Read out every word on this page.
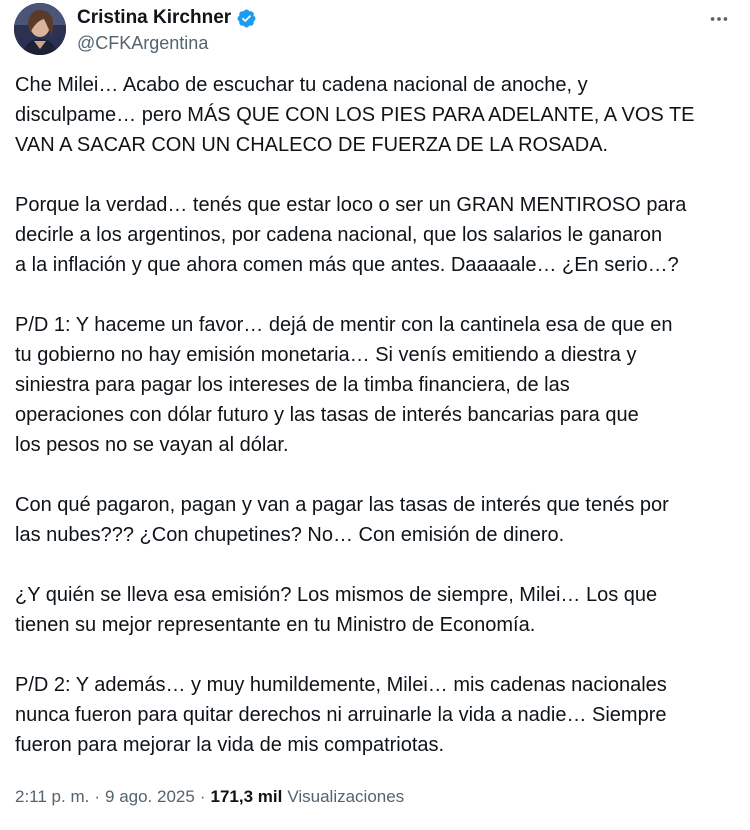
Cristina Kirchner
@CFKArgentina

Che Milei… Acabo de escuchar tu cadena nacional de anoche, y
disculpame… pero MÁS QUE CON LOS PIES PARA ADELANTE, A VOS TE
VAN A SACAR CON UN CHALECO DE FUERZA DE LA ROSADA.

Porque la verdad… tenés que estar loco o ser un GRAN MENTIROSO para
decirle a los argentinos, por cadena nacional, que los salarios le ganaron
a la inflación y que ahora comen más que antes. Daaaaale… ¿En serio…?

P/D 1: Y haceme un favor… dejá de mentir con la cantinela esa de que en
tu gobierno no hay emisión monetaria… Si venís emitiendo a diestra y
siniestra para pagar los intereses de la timba financiera, de las
operaciones con dólar futuro y las tasas de interés bancarias para que
los pesos no se vayan al dólar.

Con qué pagaron, pagan y van a pagar las tasas de interés que tenés por
las nubes??? ¿Con chupetines? No… Con emisión de dinero.

¿Y quién se lleva esa emisión? Los mismos de siempre, Milei… Los que
tienen su mejor representante en tu Ministro de Economía.

P/D 2: Y además… y muy humildemente, Milei… mis cadenas nacionales
nunca fueron para quitar derechos ni arruinarle la vida a nadie… Siempre
fueron para mejorar la vida de mis compatriotas.

2:11 p. m. · 9 ago. 2025 · 171,3 mil Visualizaciones
